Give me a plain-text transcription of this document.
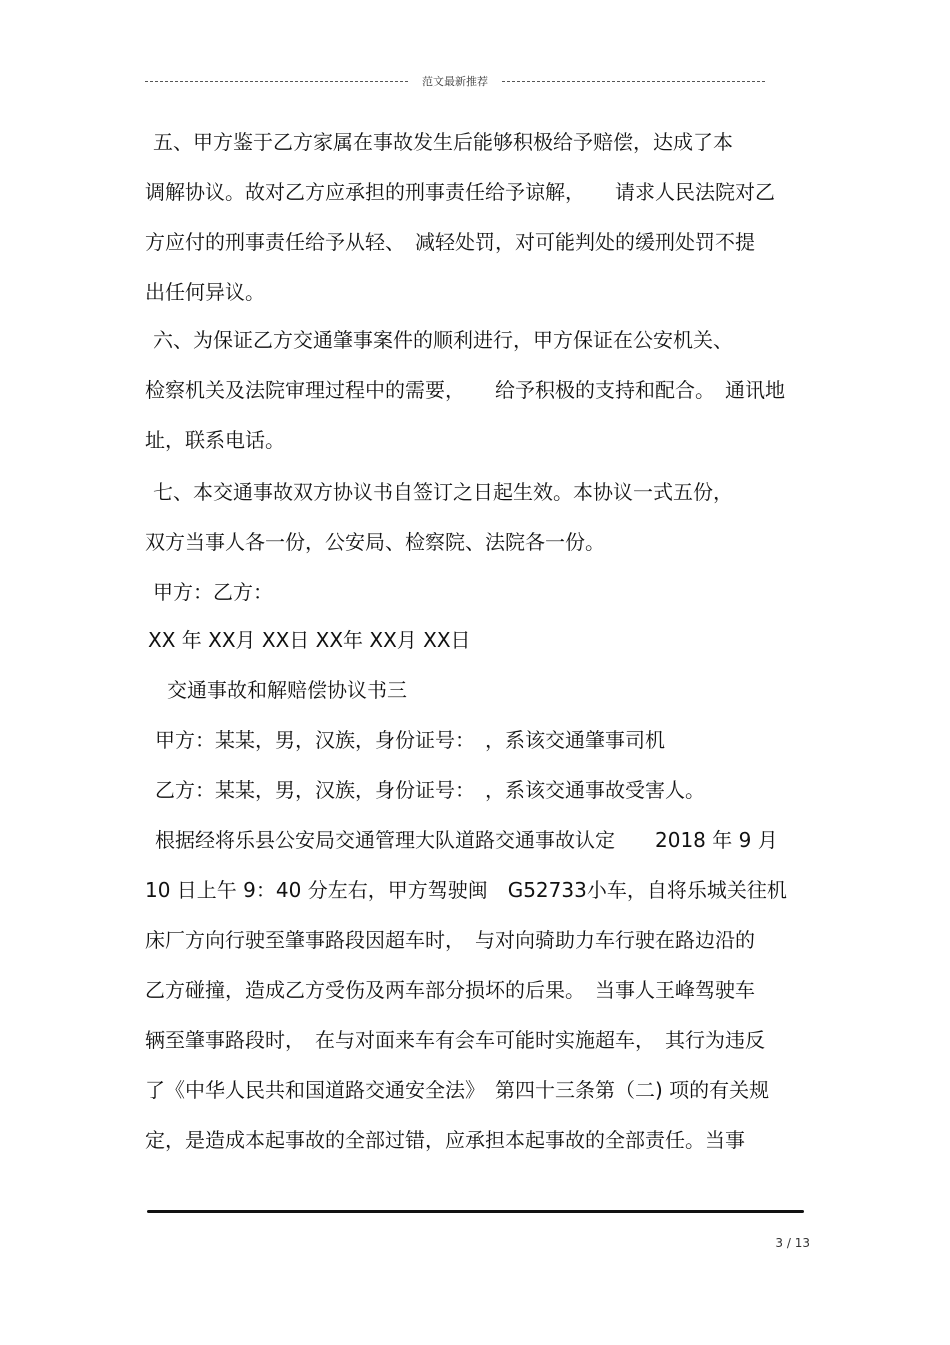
范文最新推荐
五、甲方鉴于乙方家属在事故发生后能够积极给予赔偿，达成了本
调解协议。故对乙方应承担的刑事责任给予谅解，　　请求人民法院对乙
方应付的刑事责任给予从轻、　减轻处罚，对可能判处的缓刑处罚不提
出任何异议。
六、为保证乙方交通肇事案件的顺利进行，甲方保证在公安机关、
检察机关及法院审理过程中的需要，　　给予积极的支持和配合。　通讯地
址，联系电话。
七、本交通事故双方协议书自签订之日起生效。本协议一式五份，
双方当事人各一份，公安局、检察院、法院各一份。
甲方：乙方：
XX 年 XX月 XX日 XX年 XX月 XX日
交通事故和解赔偿协议书三
甲方：某某，男，汉族，身份证号：　，系该交通肇事司机
乙方：某某，男，汉族，身份证号：　，系该交通事故受害人。
根据经将乐县公安局交通管理大队道路交通事故认定　　2018 年 9 月
10 日上午 9：40 分左右，甲方驾驶闽　G52733小车，自将乐城关往机
床厂方向行驶至肇事路段因超车时，　与对向骑助力车行驶在路边沿的
乙方碰撞，造成乙方受伤及两车部分损坏的后果。　当事人王峰驾驶车
辆至肇事路段时，　在与对面来车有会车可能时实施超车，　其行为违反
了《中华人民共和国道路交通安全法》　第四十三条第（二) 项的有关规
定，是造成本起事故的全部过错，应承担本起事故的全部责任。当事
3 / 13
